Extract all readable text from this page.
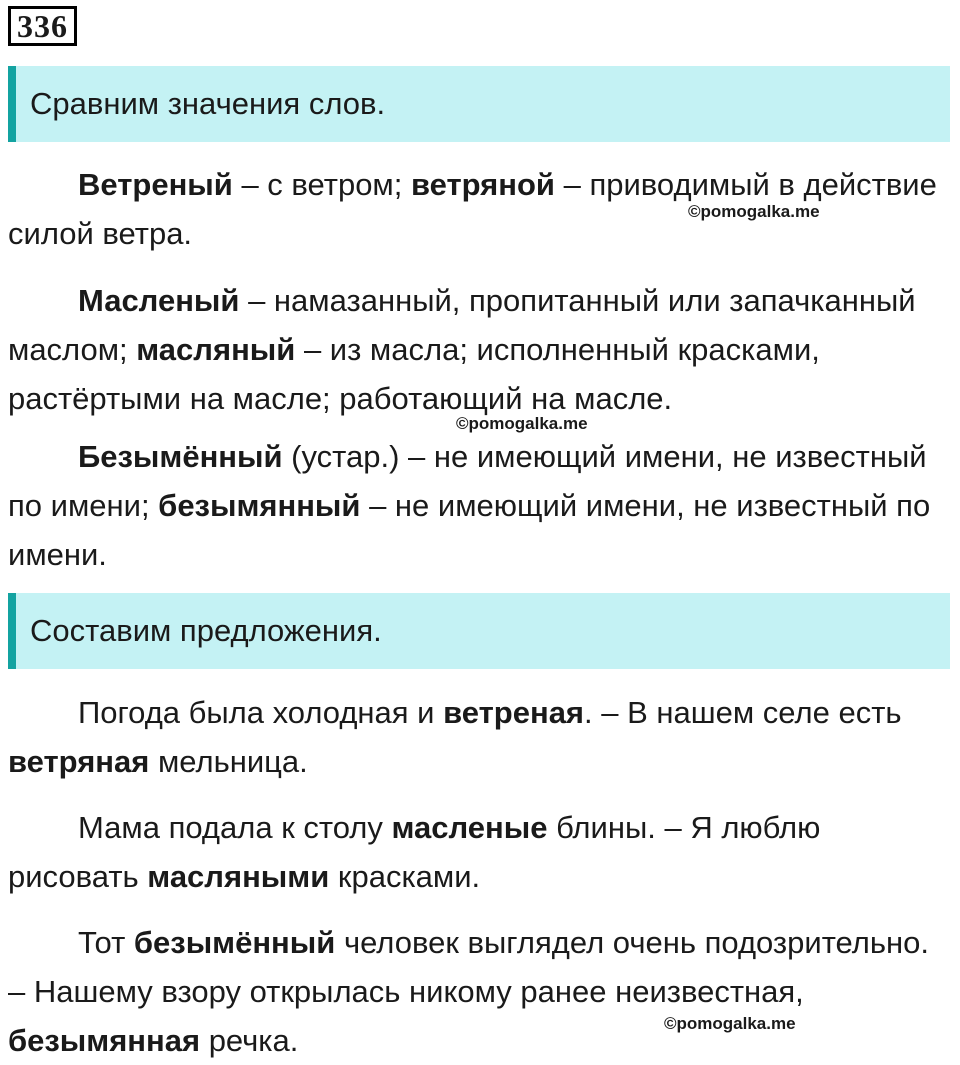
336
Сравним значения слов.

Ветреный – с ветром; ветряной – приводимый в действие силой ветра.

©pomogalka.me

Масленый – намазанный, пропитанный или запачканный маслом; масляный – из масла; исполненный красками, растёртыми на масле; работающий на масле.

©pomogalka.me

Безымённый (устар.) – не имеющий имени, не известный по имени; безымянный – не имеющий имени, не известный по имени.

Составим предложения.

Погода была холодная и ветреная. – В нашем селе есть ветряная мельница.

Мама подала к столу масленые блины. – Я люблю рисовать масляными красками.

Тот безымённый человек выглядел очень подозрительно. – Нашему взору открылась никому ранее неизвестная, безымянная речка.	©pomogalka.me
